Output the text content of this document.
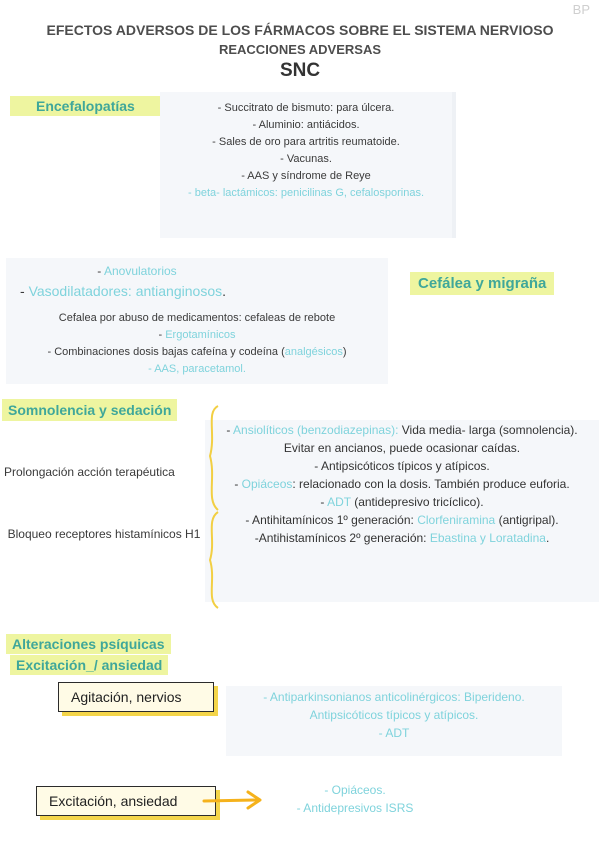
BP
EFECTOS ADVERSOS DE LOS FÁRMACOS SOBRE EL SISTEMA NERVIOSO
REACCIONES ADVERSAS
SNC
Encefalopatías	- Succitrato de bismuto: para úlcera.
- Aluminio: antiácidos.
- Sales de oro para artritis reumatoide.
- Vacunas.
- AAS y síndrome de Reye
- beta- lactámicos: penicilinas G, cefalosporinas.
- Anovulatorios
- Vasodilatadores: antianginosos.
Cefalea por abuso de medicamentos: cefaleas de rebote
- Ergotamínicos
- Combinaciones dosis bajas cafeína y codeína (analgésicos)
- AAS, paracetamol.
Cefálea y migraña
Somnolencia y sedación
Prolongación acción terapéutica
Bloqueo receptores histamínicos H1
- Ansiolíticos (benzodiazepinas): Vida media- larga (somnolencia). Evitar en ancianos, puede ocasionar caídas.
- Antipsicóticos típicos y atípicos.
- Opiáceos: relacionado con la dosis. También produce euforia.
- ADT (antidepresivo tricíclico).
- Antihitamínicos 1º generación: Clorfeniramina (antigripal).
-Antihistamínicos 2º generación: Ebastina y Loratadina.
Alteraciones psíquicas
Excitación_/ ansiedad
Agitación, nervios	- Antiparkinsonianos anticolinérgicos: Biperideno.
Antipsicóticos típicos y atípicos.
- ADT
Excitación, ansiedad
- Opiáceos.
- Antidepresivos ISRS
